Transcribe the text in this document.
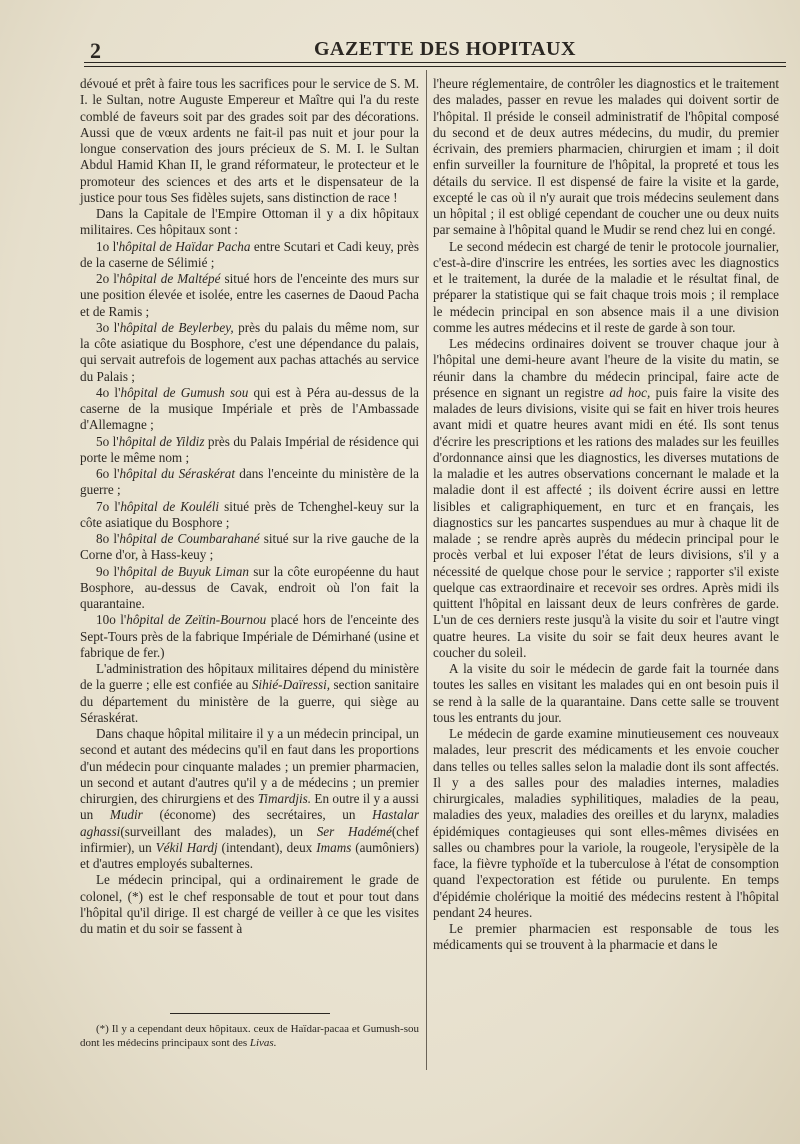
2	GAZETTE DES HOPITAUX

dévoué et prêt à faire tous les sacrifices pour le service de S. M. I. le Sultan, notre Auguste Empereur et Maître qui l'a du reste comblé de faveurs soit par des grades soit par des décorations. Aussi que de vœux ardents ne fait-il pas nuit et jour pour la longue conservation des jours précieux de S. M. I. le Sultan Abdul Hamid Khan II, le grand réformateur, le protecteur et le promoteur des sciences et des arts et le dispensateur de la justice pour tous Ses fidèles sujets, sans distinction de race !

Dans la Capitale de l'Empire Ottoman il y a dix hôpitaux militaires. Ces hôpitaux sont :

1o l'hôpital de Haïdar Pacha entre Scutari et Cadi keuy, près de la caserne de Sélimié ;

2o l'hôpital de Maltépé situé hors de l'enceinte des murs sur une position élevée et isolée, entre les casernes de Daoud Pacha et de Ramis ;

3o l'hôpital de Beylerbey, près du palais du même nom, sur la côte asiatique du Bosphore, c'est une dépendance du palais, qui servait autrefois de logement aux pachas attachés au service du Palais ;

4o l'hôpital de Gumush sou qui est à Péra au-dessus de la caserne de la musique Impériale et près de l'Ambassade d'Allemagne ;

5o l'hôpital de Yildiz près du Palais Impérial de résidence qui porte le même nom ;

6o l'hôpital du Séraskérat dans l'enceinte du ministère de la guerre ;

7o l'hôpital de Kouléli situé près de Tchenghel-keuy sur la côte asiatique du Bosphore ;

8o l'hôpital de Coumbarahané situé sur la rive gauche de la Corne d'or, à Hass-keuy ;

9o l'hôpital de Buyuk Liman sur la côte européenne du haut Bosphore, au-dessus de Cavak, endroit où l'on fait la quarantaine.

10o l'hôpital de Zeïtin-Bournou placé hors de l'enceinte des Sept-Tours près de la fabrique Impériale de Démirhané (usine et fabrique de fer.)

L'administration des hôpitaux militaires dépend du ministère de la guerre ; elle est confiée au Sihié-Daïressi, section sanitaire du département du ministère de la guerre, qui siège au Séraskérat.

Dans chaque hôpital militaire il y a un médecin principal, un second et autant des médecins qu'il en faut dans les proportions d'un médecin pour cinquante malades ; un premier pharmacien, un second et autant d'autres qu'il y a de médecins ; un premier chirurgien, des chirurgiens et des Timardjis. En outre il y a aussi un Mudir (économe) des secrétaires, un Hastalar aghassi(surveillant des malades), un Ser Hadémé(chef infirmier), un Vékil Hardj (intendant), deux Imams (aumôniers) et d'autres employés subalternes.

Le médecin principal, qui a ordinairement le grade de colonel, (*) est le chef responsable de tout et pour tout dans l'hôpital qu'il dirige. Il est chargé de veiller à ce que les visites du matin et du soir se fassent à

l'heure réglementaire, de contrôler les diagnostics et le traitement des malades, passer en revue les malades qui doivent sortir de l'hôpital. Il préside le conseil administratif de l'hôpital composé du second et de deux autres médecins, du mudir, du premier écrivain, des premiers pharmacien, chirurgien et imam ; il doit enfin surveiller la fourniture de l'hôpital, la propreté et tous les détails du service. Il est dispensé de faire la visite et la garde, excepté le cas où il n'y aurait que trois médecins seulement dans un hôpital ; il est obligé cependant de coucher une ou deux nuits par semaine à l'hôpital quand le Mudir se rend chez lui en congé.

Le second médecin est chargé de tenir le protocole journalier, c'est-à-dire d'inscrire les entrées, les sorties avec les diagnostics et le traitement, la durée de la maladie et le résultat final, de préparer la statistique qui se fait chaque trois mois ; il remplace le médecin principal en son absence mais il a une division comme les autres médecins et il reste de garde à son tour.

Les médecins ordinaires doivent se trouver chaque jour à l'hôpital une demi-heure avant l'heure de la visite du matin, se réunir dans la chambre du médecin principal, faire acte de présence en signant un registre ad hoc, puis faire la visite des malades de leurs divisions, visite qui se fait en hiver trois heures avant midi et quatre heures avant midi en été. Ils sont tenus d'écrire les prescriptions et les rations des malades sur les feuilles d'ordonnance ainsi que les diagnostics, les diverses mutations de la maladie et les autres observations concernant le malade et la maladie dont il est affecté ; ils doivent écrire aussi en lettre lisibles et caligraphiquement, en turc et en français, les diagnostics sur les pancartes suspendues au mur à chaque lit de malade ; se rendre après auprès du médecin principal pour le procès verbal et lui exposer l'état de leurs divisions, s'il y a nécessité de quelque chose pour le service ; rapporter s'il existe quelque cas extraordinaire et recevoir ses ordres. Après midi ils quittent l'hôpital en laissant deux de leurs confrères de garde. L'un de ces derniers reste jusqu'à la visite du soir et l'autre vingt quatre heures. La visite du soir se fait deux heures avant le coucher du soleil.

A la visite du soir le médecin de garde fait la tournée dans toutes les salles en visitant les malades qui en ont besoin puis il se rend à la salle de la quarantaine. Dans cette salle se trouvent tous les entrants du jour.

Le médecin de garde examine minutieusement ces nouveaux malades, leur prescrit des médicaments et les envoie coucher dans telles ou telles salles selon la maladie dont ils sont affectés. Il y a des salles pour des maladies internes, maladies chirurgicales, maladies syphilitiques, maladies de la peau, maladies des yeux, maladies des oreilles et du larynx, maladies épidémiques contagieuses qui sont elles-mêmes divisées en salles ou chambres pour la variole, la rougeole, l'erysipèle de la face, la fièvre typhoïde et la tuberculose à l'état de consomption quand l'expectoration est fétide ou purulente. En temps d'épidémie cholérique la moitié des médecins restent à l'hôpital pendant 24 heures.

Le premier pharmacien est responsable de tous les médicaments qui se trouvent à la pharmacie et dans le

(*) Il y a cependant deux hôpitaux. ceux de Haïdar-pacaa et Gumush-sou dont les médecins principaux sont des Livas.
